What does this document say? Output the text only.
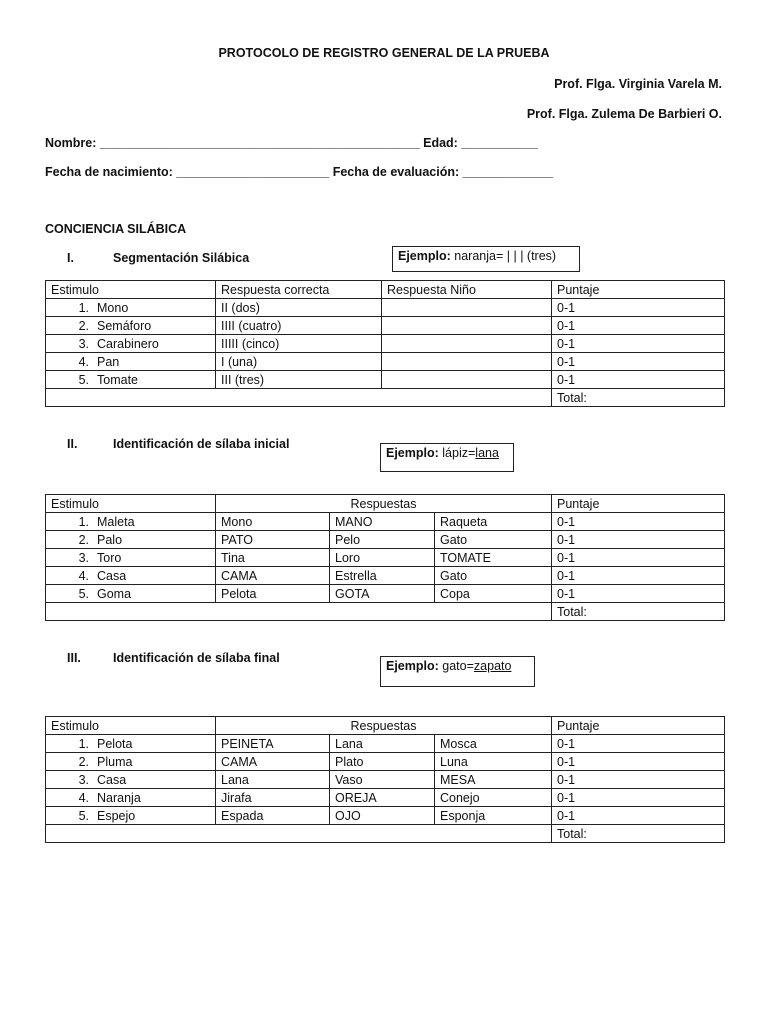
PROTOCOLO DE REGISTRO GENERAL DE LA PRUEBA
Prof. Flga. Virginia Varela M.
Prof. Flga. Zulema De Barbieri O.
Nombre: ______________________________________________ Edad: ___________
Fecha de nacimiento: ______________________ Fecha de evaluación: _____________
CONCIENCIA SILÁBICA
I.	Segmentación Silábica	Ejemplo: naranja= | | | (tres)
Estimulo	Respuesta correcta	Respuesta Niño	Puntaje
1. Mono	II (dos)		0-1
2. Semáforo	IIII (cuatro)		0-1
3. Carabinero	IIIII (cinco)		0-1
4. Pan	I (una)		0-1
5. Tomate	III (tres)		0-1
			Total:
II.	Identificación de sílaba inicial
Ejemplo: lápiz=lana
Estimulo	Respuestas			Puntaje
1. Maleta	Mono	MANO	Raqueta	0-1
2. Palo	PATO	Pelo	Gato	0-1
3. Toro	Tina	Loro	TOMATE	0-1
4. Casa	CAMA	Estrella	Gato	0-1
5. Goma	Pelota	GOTA	Copa	0-1
				Total:
III.	Identificación de sílaba final
Ejemplo: gato=zapato
Estimulo	Respuestas			Puntaje
1. Pelota	PEINETA	Lana	Mosca	0-1
2. Pluma	CAMA	Plato	Luna	0-1
3. Casa	Lana	Vaso	MESA	0-1
4. Naranja	Jirafa	OREJA	Conejo	0-1
5. Espejo	Espada	OJO	Esponja	0-1
				Total:
